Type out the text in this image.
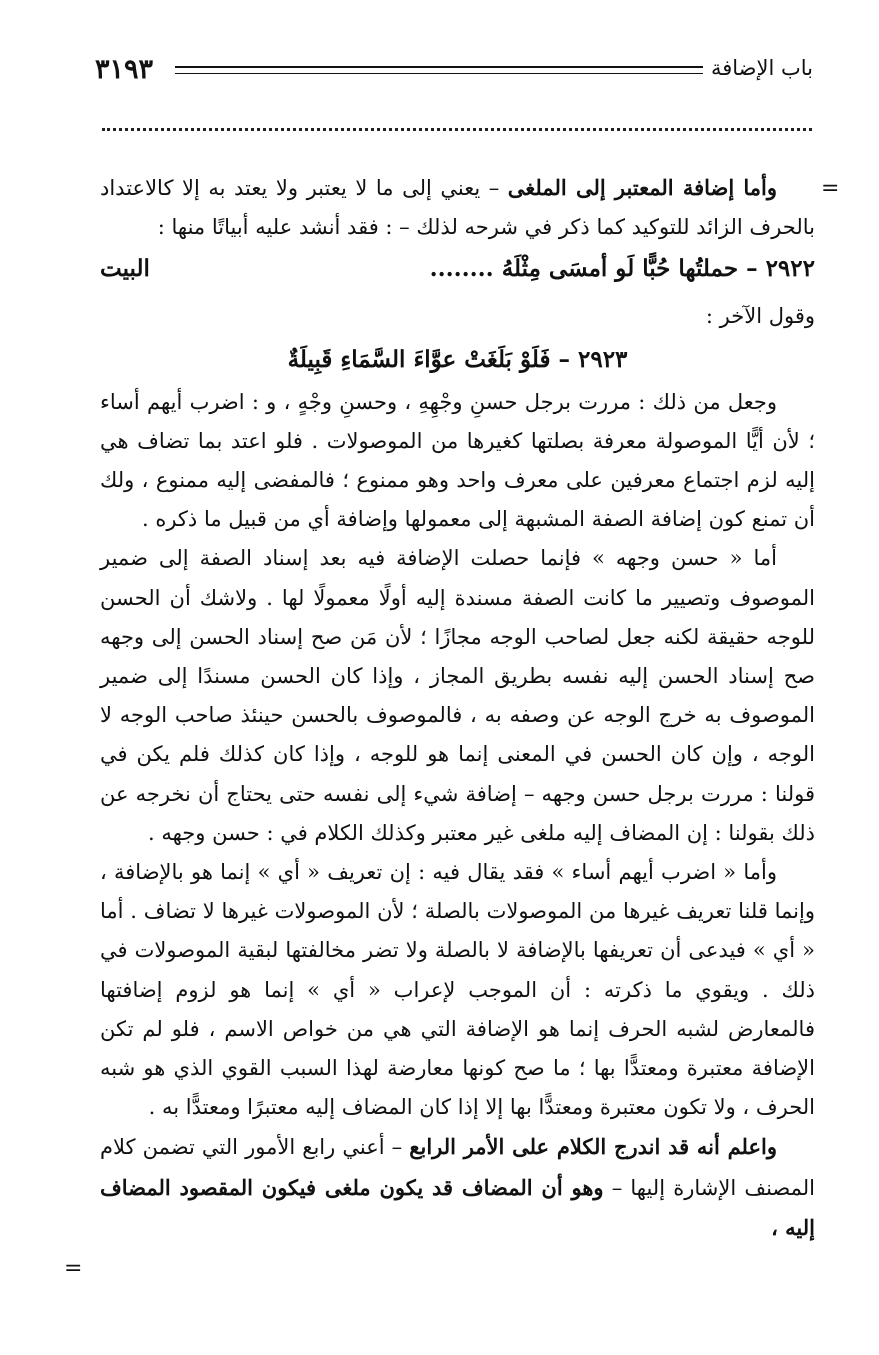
باب الإضافة
٣١٩٣
=
=

وأما إضافة المعتبر إلى الملغى – يعني إلى ما لا يعتبر ولا يعتد به إلا كالاعتداد بالحرف الزائد للتوكيد كما ذكر في شرحه لذلك – : فقد أنشد عليه أبياتًا منها :

٢٩٢٢ – حملتُها حُبًّا لَو أمسَى مِثْلَهُ ........
البيت

وقول الآخر :

٢٩٢٣ – فَلَوْ بَلَغَتْ عوَّاءَ السَّمَاءِ قَبِيلَةٌ

وجعل من ذلك : مررت برجل حسنِ وجْهِهِ ، وحسنِ وجْهٍ ، و : اضرب أيهم أساء ؛ لأن أيًّا الموصولة معرفة بصلتها كغيرها من الموصولات . فلو اعتد بما تضاف هي إليه لزم اجتماع معرفين على معرف واحد وهو ممنوع ؛ فالمفضى إليه ممنوع ، ولك أن تمنع كون إضافة الصفة المشبهة إلى معمولها وإضافة أي من قبيل ما ذكره .

أما « حسن وجهه » فإنما حصلت الإضافة فيه بعد إسناد الصفة إلى ضمير الموصوف وتصيير ما كانت الصفة مسندة إليه أولًا معمولًا لها . ولاشك أن الحسن للوجه حقيقة لكنه جعل لصاحب الوجه مجازًا ؛ لأن مَن صح إسناد الحسن إلى وجهه صح إسناد الحسن إليه نفسه بطريق المجاز ، وإذا كان الحسن مسندًا إلى ضمير الموصوف به خرج الوجه عن وصفه به ، فالموصوف بالحسن حينئذ صاحب الوجه لا الوجه ، وإن كان الحسن في المعنى إنما هو للوجه ، وإذا كان كذلك فلم يكن في قولنا : مررت برجل حسن وجهه – إضافة شيء إلى نفسه حتى يحتاج أن نخرجه عن ذلك بقولنا : إن المضاف إليه ملغى غير معتبر وكذلك الكلام في : حسن وجهه .

وأما « اضرب أيهم أساء » فقد يقال فيه : إن تعريف « أي » إنما هو بالإضافة ، وإنما قلنا تعريف غيرها من الموصولات بالصلة ؛ لأن الموصولات غيرها لا تضاف . أما « أي » فيدعى أن تعريفها بالإضافة لا بالصلة ولا تضر مخالفتها لبقية الموصولات في ذلك . ويقوي ما ذكرته : أن الموجب لإعراب « أي » إنما هو لزوم إضافتها فالمعارض لشبه الحرف إنما هو الإضافة التي هي من خواص الاسم ، فلو لم تكن الإضافة معتبرة ومعتدًّا بها ؛ ما صح كونها معارضة لهذا السبب القوي الذي هو شبه الحرف ، ولا تكون معتبرة ومعتدًّا بها إلا إذا كان المضاف إليه معتبرًا ومعتدًّا به .

واعلم أنه قد اندرج الكلام على الأمر الرابع – أعني رابع الأمور التي تضمن كلام المصنف الإشارة إليها – وهو أن المضاف قد يكون ملغى فيكون المقصود المضاف إليه ،
